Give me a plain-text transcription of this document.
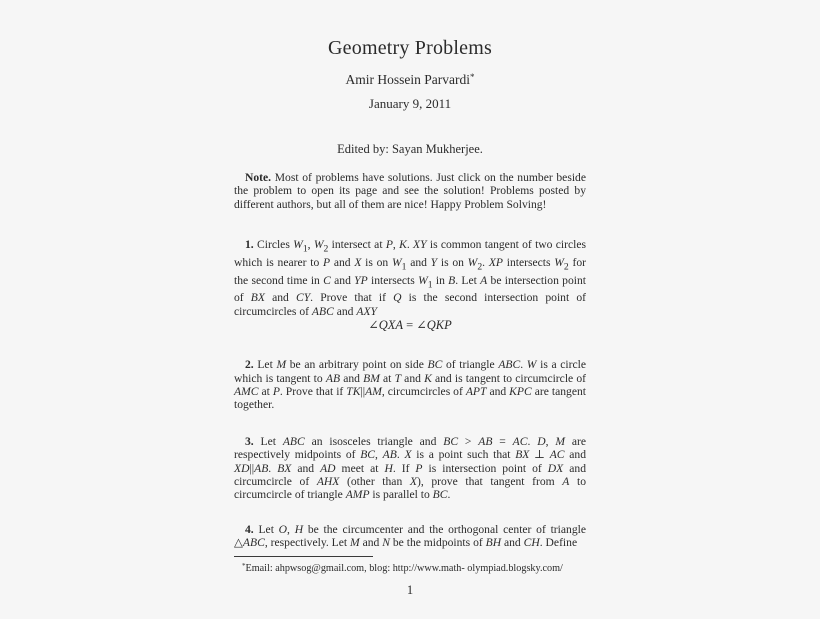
Geometry Problems
Amir Hossein Parvardi*
January 9, 2011
Edited by: Sayan Mukherjee.

Note. Most of problems have solutions. Just click on the number beside the problem to open its page and see the solution! Problems posted by different authors, but all of them are nice! Happy Problem Solving!

1. Circles $W_1$, $W_2$ intersect at P, K. XY is common tangent of two circles which is nearer to P and X is on $W_1$ and Y is on $W_2$. XP intersects $W_2$ for the second time in C and YP intersects $W_1$ in B. Let A be intersection point of BX and CY. Prove that if Q is the second intersection point of circumcircles of ABC and AXY

∠QXA = ∠QKP

2. Let M be an arbitrary point on side BC of triangle ABC. W is a circle which is tangent to AB and BM at T and K and is tangent to circumcircle of AMC at P. Prove that if TK||AM, circumcircles of APT and KPC are tangent together.

3. Let ABC an isosceles triangle and BC > AB = AC. D, M are respectively midpoints of BC, AB. X is a point such that BX ⊥ AC and XD||AB. BX and AD meet at H. If P is intersection point of DX and circumcircle of AHX (other than X), prove that tangent from A to circumcircle of triangle AMP is parallel to BC.

4. Let O, H be the circumcenter and the orthogonal center of triangle △ABC, respectively. Let M and N be the midpoints of BH and CH. Define

*Email: ahpwsog@gmail.com, blog: http://www.math- olympiad.blogsky.com/
1
